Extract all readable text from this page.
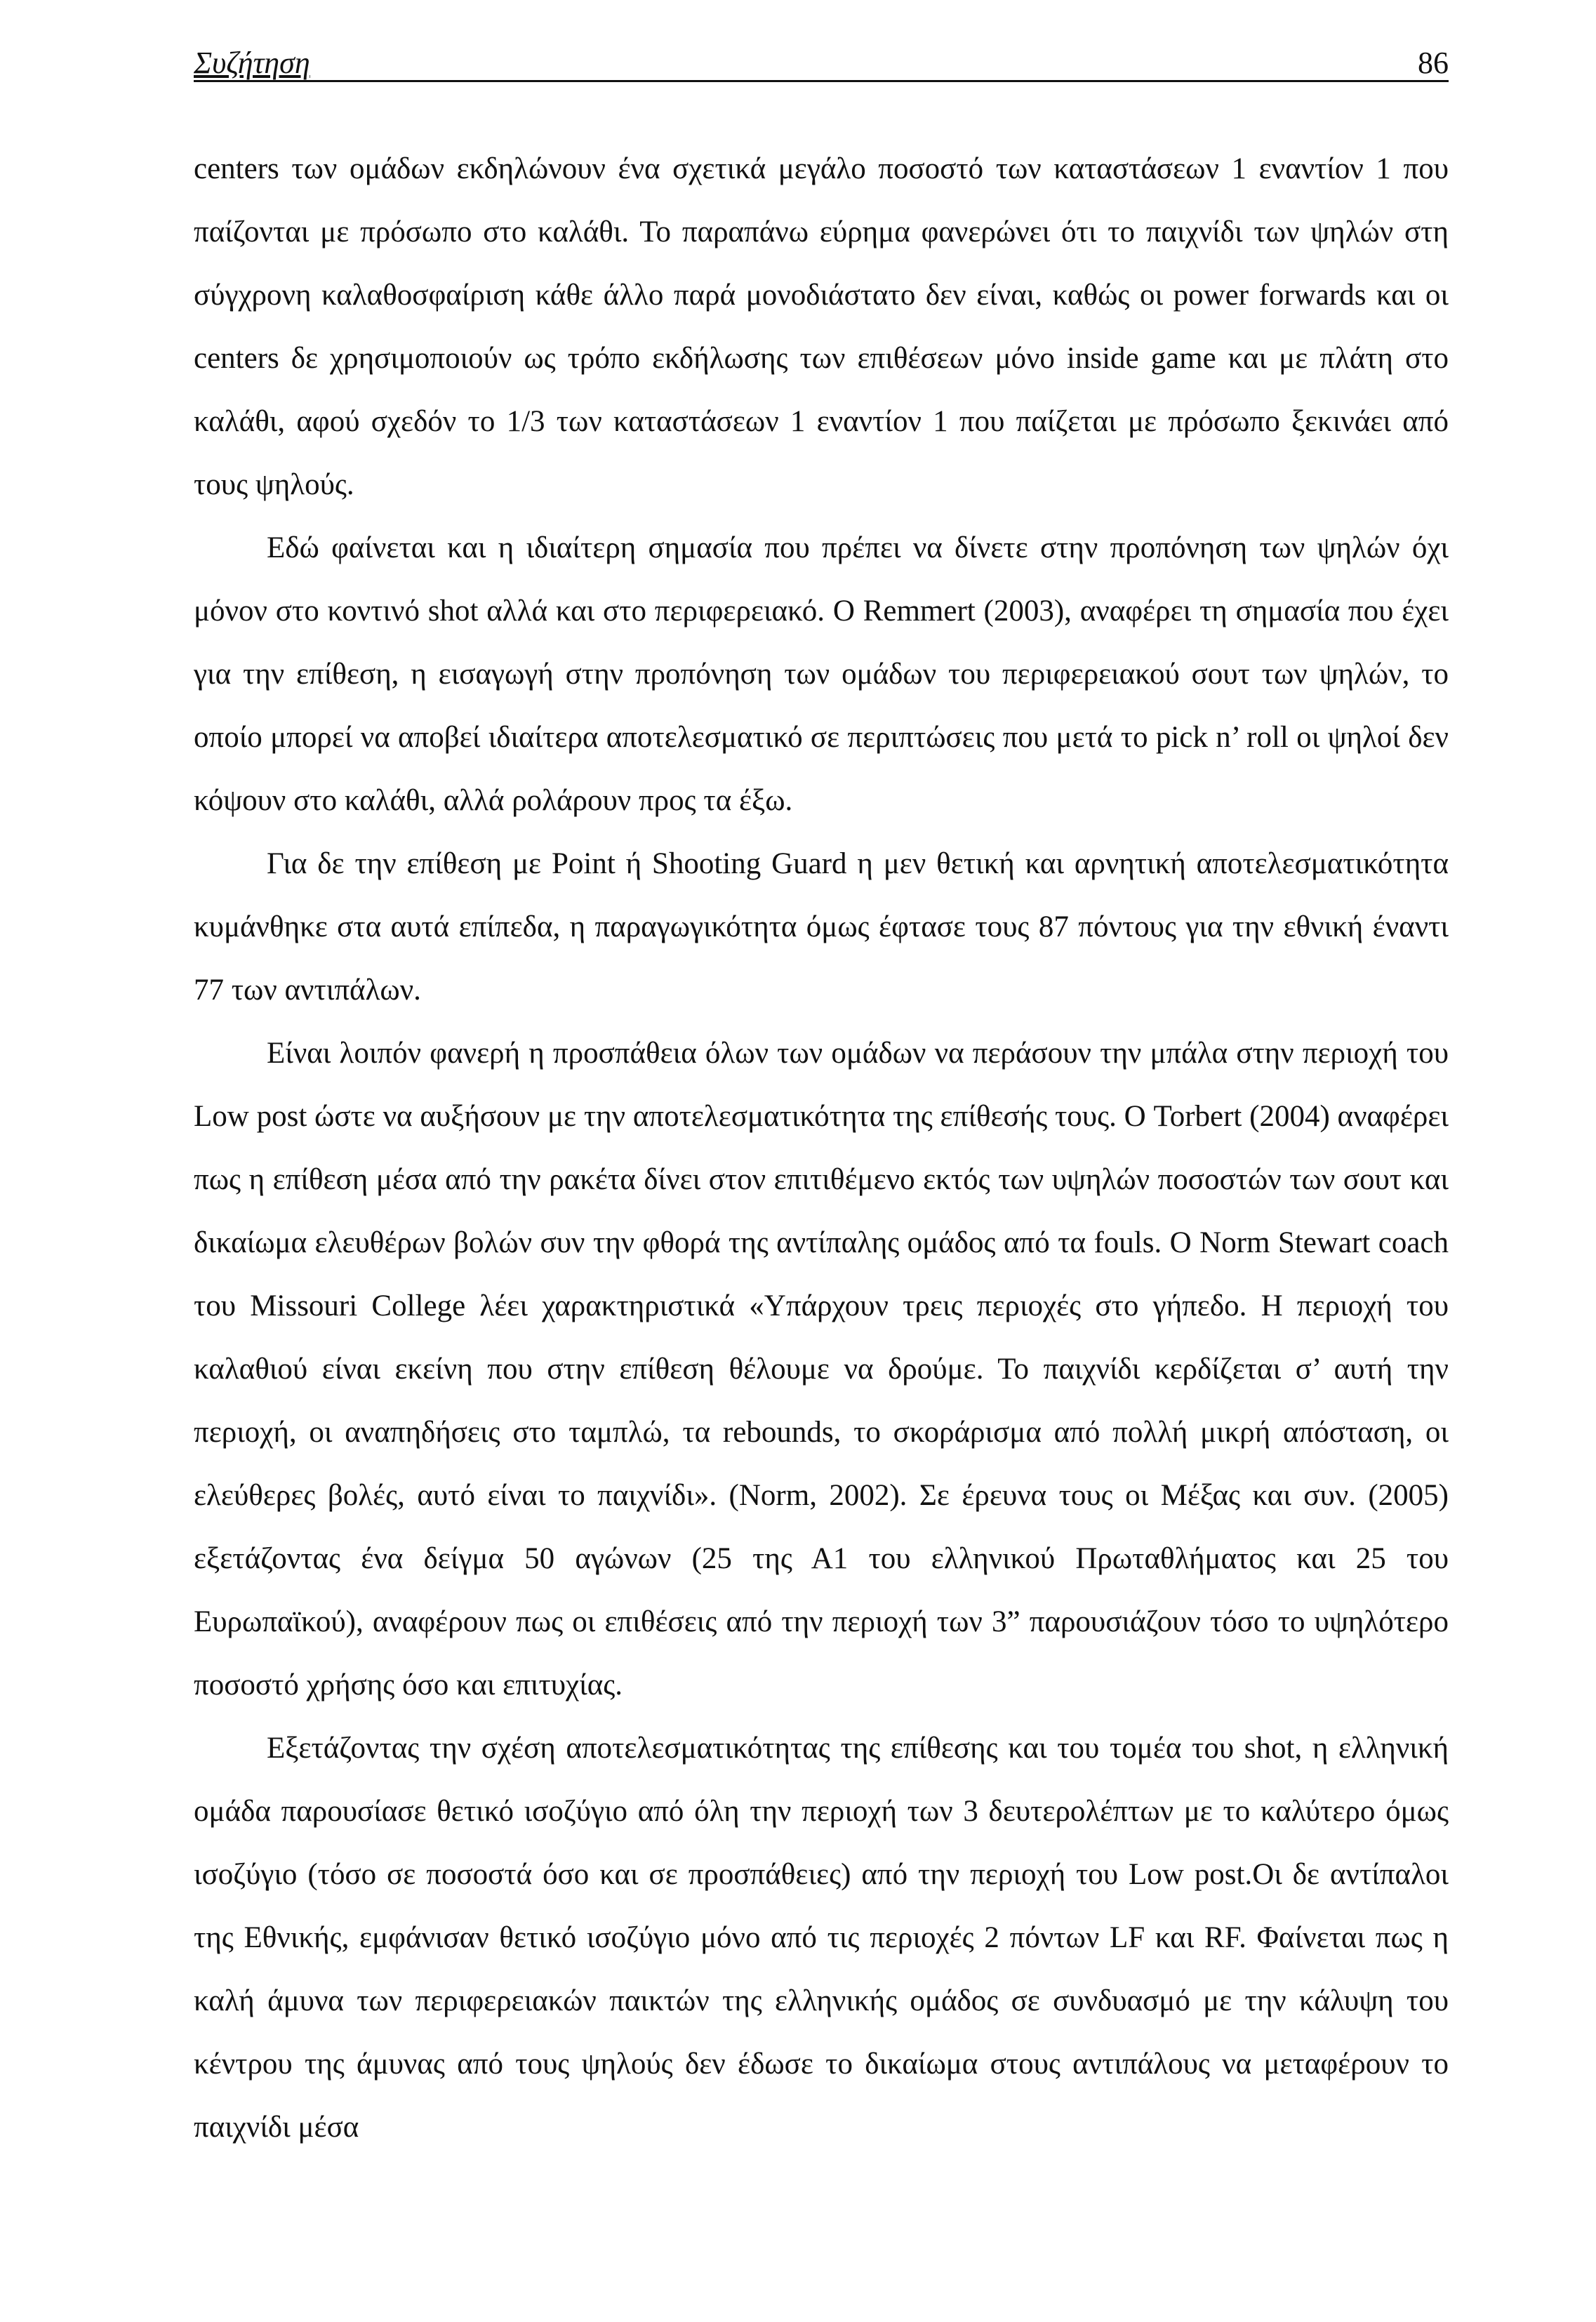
Συζήτηση	86

centers των ομάδων εκδηλώνουν ένα σχετικά μεγάλο ποσοστό των καταστάσεων 1 εναντίον 1 που παίζονται με πρόσωπο στο καλάθι. Το παραπάνω εύρημα φανερώνει ότι το παιχνίδι των ψηλών στη σύγχρονη καλαθοσφαίριση κάθε άλλο παρά μονοδιάστατο δεν είναι, καθώς οι power forwards και οι centers δε χρησιμοποιούν ως τρόπο εκδήλωσης των επιθέσεων μόνο inside game και με πλάτη στο καλάθι, αφού σχεδόν το 1/3 των καταστάσεων 1 εναντίον 1 που παίζεται με πρόσωπο ξεκινάει από τους ψηλούς.

Εδώ φαίνεται και η ιδιαίτερη σημασία που πρέπει να δίνετε στην προπόνηση των ψηλών όχι μόνον στο κοντινό shot αλλά και στο περιφερειακό. Ο Remmert (2003), αναφέρει τη σημασία που έχει για την επίθεση, η εισαγωγή στην προπόνηση των ομάδων του περιφερειακού σουτ των ψηλών, το οποίο μπορεί να αποβεί ιδιαίτερα αποτελεσματικό σε περιπτώσεις που μετά το pick n’ roll οι ψηλοί δεν κόψουν στο καλάθι, αλλά ρολάρουν προς τα έξω.

Για δε την επίθεση με Point ή Shooting Guard η μεν θετική και αρνητική αποτελεσματικότητα κυμάνθηκε στα αυτά επίπεδα, η παραγωγικότητα όμως έφτασε τους 87 πόντους για την εθνική έναντι 77 των αντιπάλων.

Είναι λοιπόν φανερή η προσπάθεια όλων των ομάδων να περάσουν την μπάλα στην περιοχή του Low post ώστε να αυξήσουν με την αποτελεσματικότητα της επίθεσής τους. Ο Torbert (2004) αναφέρει πως η επίθεση μέσα από την ρακέτα δίνει στον επιτιθέμενο εκτός των υψηλών ποσοστών των σουτ και δικαίωμα ελευθέρων βολών συν την φθορά της αντίπαλης ομάδος από τα fouls. Ο Norm Stewart coach του Missouri College λέει χαρακτηριστικά «Υπάρχουν τρεις περιοχές στο γήπεδο. Η περιοχή του καλαθιού είναι εκείνη που στην επίθεση θέλουμε να δρούμε. Το παιχνίδι κερδίζεται σ’ αυτή την περιοχή, οι αναπηδήσεις στο ταμπλώ, τα rebounds, το σκοράρισμα από πολλή μικρή απόσταση, οι ελεύθερες βολές, αυτό είναι το παιχνίδι». (Norm, 2002). Σε έρευνα τους οι Μέξας και συν. (2005) εξετάζοντας ένα δείγμα 50 αγώνων (25 της Α1 του ελληνικού Πρωταθλήματος και 25 του Ευρωπαϊκού), αναφέρουν πως οι επιθέσεις από την περιοχή των 3” παρουσιάζουν τόσο το υψηλότερο ποσοστό χρήσης όσο και επιτυχίας.

Εξετάζοντας την σχέση αποτελεσματικότητας της επίθεσης και του τομέα του shot, η ελληνική ομάδα παρουσίασε θετικό ισοζύγιο από όλη την περιοχή των 3 δευτερολέπτων με το καλύτερο όμως ισοζύγιο (τόσο σε ποσοστά όσο και σε προσπάθειες) από την περιοχή του Low post.Οι δε αντίπαλοι της Εθνικής, εμφάνισαν θετικό ισοζύγιο μόνο από τις περιοχές 2 πόντων LF και RF. Φαίνεται πως η καλή άμυνα των περιφερειακών παικτών της ελληνικής ομάδος σε συνδυασμό με την κάλυψη του κέντρου της άμυνας από τους ψηλούς δεν έδωσε το δικαίωμα στους αντιπάλους να μεταφέρουν το παιχνίδι μέσα
